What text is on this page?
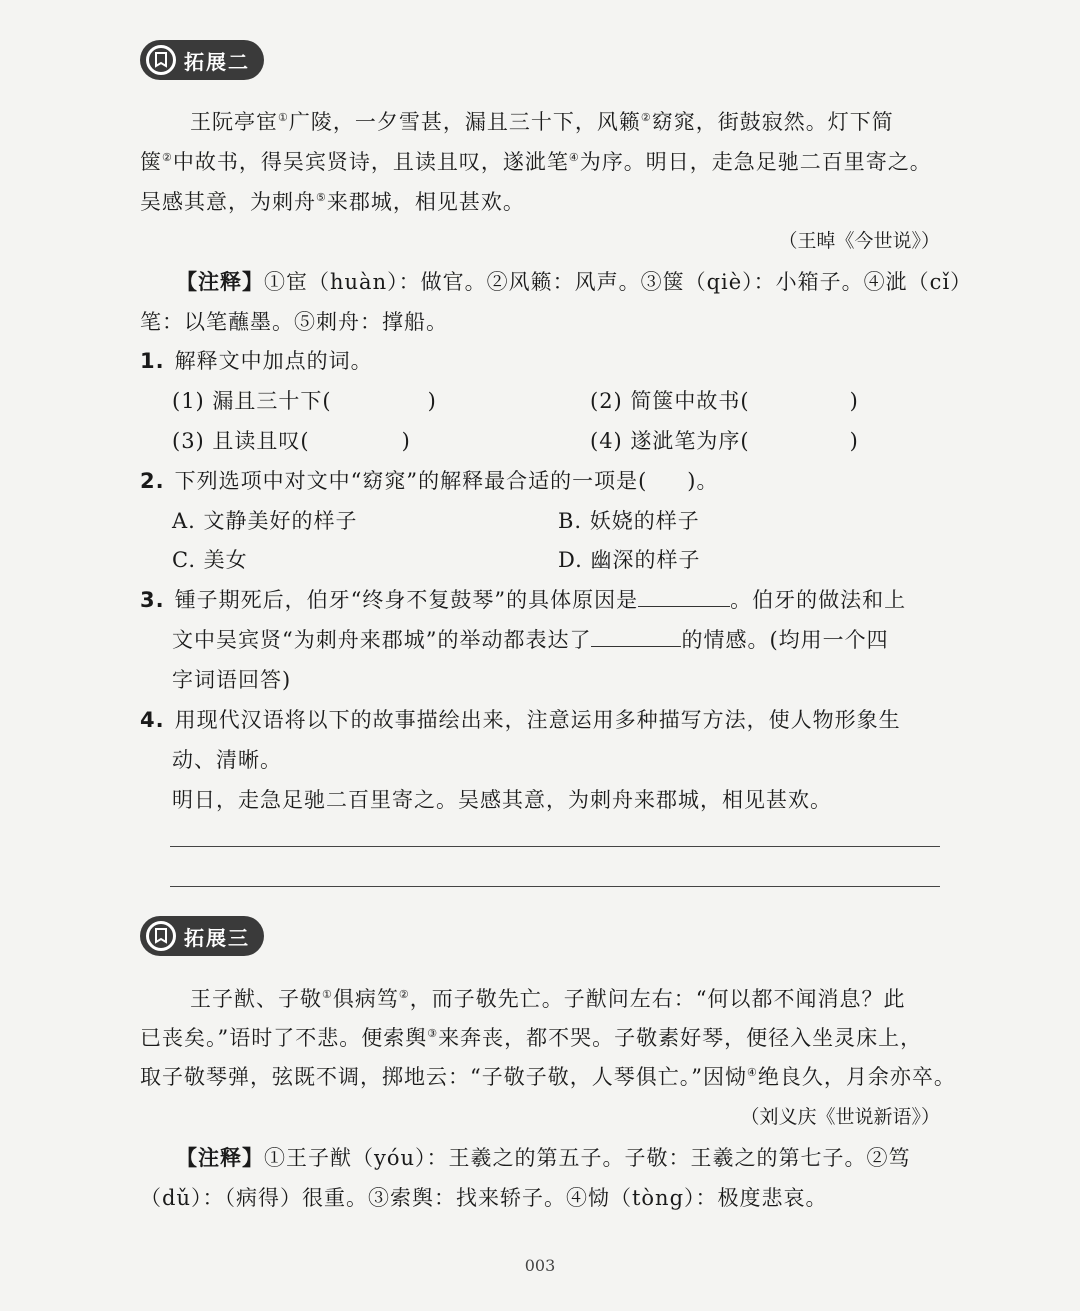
拓展二
王阮亭宦①广陵，一夕雪甚，漏且三十下，风籁②窈窕，街鼓寂然。灯下简
箧②中故书，得吴宾贤诗，且读且叹，遂泚笔④为序。明日，走急足驰二百里寄之。
吴感其意，为刺舟⑤来郡城，相见甚欢。
（王晫《今世说》）
【注释】①宦（huàn）：做官。②风籁：风声。③箧（qiè）：小箱子。④泚（cǐ）
笔：以笔蘸墨。⑤刺舟：撑船。
1. 解释文中加点的词。
(1) 漏且三十下(	)	(2) 简箧中故书(	)
(3) 且读且叹(	)	(4) 遂泚笔为序(	)
2. 下列选项中对文中“窈窕”的解释最合适的一项是( )。
A. 文静美好的样子	B. 妖娆的样子
C. 美女	D. 幽深的样子
3. 锺子期死后，伯牙“终身不复鼓琴”的具体原因是	。伯牙的做法和上
文中吴宾贤“为刺舟来郡城”的举动都表达了	的情感。(均用一个四
字词语回答)
4. 用现代汉语将以下的故事描绘出来，注意运用多种描写方法，使人物形象生
动、清晰。
明日，走急足驰二百里寄之。吴感其意，为刺舟来郡城，相见甚欢。
拓展三
王子猷、子敬①俱病笃②，而子敬先亡。子猷问左右：“何以都不闻消息？此
已丧矣。”语时了不悲。便索舆③来奔丧，都不哭。子敬素好琴，便径入坐灵床上，
取子敬琴弹，弦既不调，掷地云：“子敬子敬，人琴俱亡。”因恸④绝良久，月余亦卒。
（刘义庆《世说新语》）
【注释】①王子猷（yóu）：王羲之的第五子。子敬：王羲之的第七子。②笃
（dǔ）：（病得）很重。③索舆：找来轿子。④恸（tòng）：极度悲哀。
003
